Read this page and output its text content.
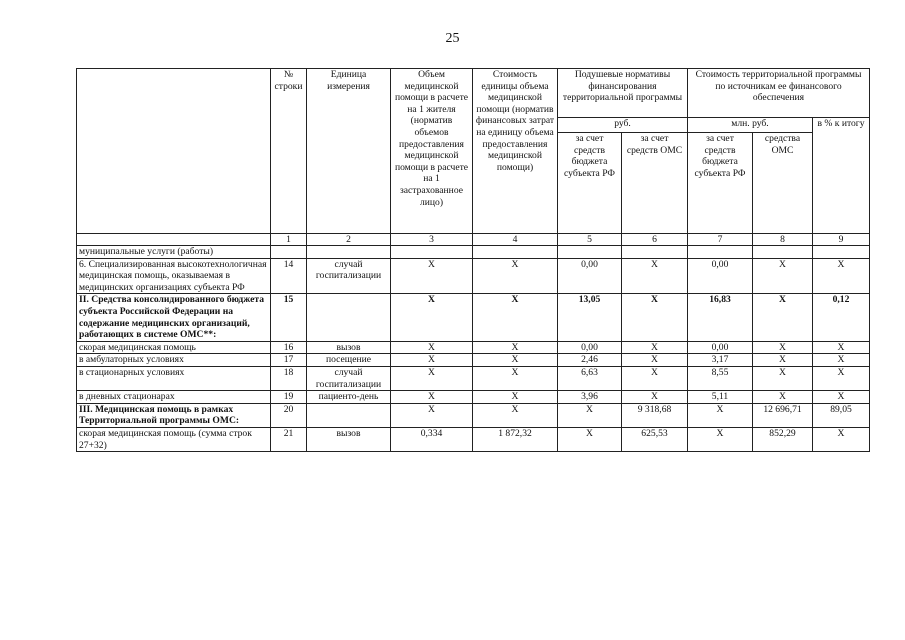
25
	№ строки	Единица измерения	Объем медицинской помощи в расчете на 1 жителя (норматив объемов предоставления медицинской помощи в расчете на 1 застрахованное лицо)	Стоимость единицы объема медицинской помощи (норматив финансовых затрат на единицу объема предоставления медицинской помощи)	Подушевые нормативы финансирования территориальной программы		Стоимость территориальной программы по источникам ее финансового обеспечения		
					руб.		млн. руб.		в % к итогу
					за счет средств бюджета субъекта РФ	за счет средств ОМС	за счет средств бюджета субъекта РФ	средства ОМС	
	1	2	3	4	5	6	7	8	9
муниципальные услуги (работы)									
6. Специализированная высокотехнологичная медицинская помощь, оказываемая в медицинских организациях субъекта РФ	14	случай госпитализации	X	X	0,00	X	0,00	X	X
II. Средства консолидированного бюджета субъекта Российской Федерации на содержание медицинских организаций, работающих в системе ОМС**:	15		X	X	13,05	X	16,83	X	0,12
скорая медицинская помощь	16	вызов	X	X	0,00	X	0,00	X	X
в амбулаторных условиях	17	посещение	X	X	2,46	X	3,17	X	X
в стационарных условиях	18	случай госпитализации	X	X	6,63	X	8,55	X	X
в дневных стационарах	19	пациенто-день	X	X	3,96	X	5,11	X	X
III. Медицинская помощь в рамках Территориальной программы ОМС:	20		X	X	X	9 318,68	X	12 696,71	89,05
скорая медицинская помощь (сумма строк 27+32)	21	вызов	0,334	1 872,32	X	625,53	X	852,29	X
